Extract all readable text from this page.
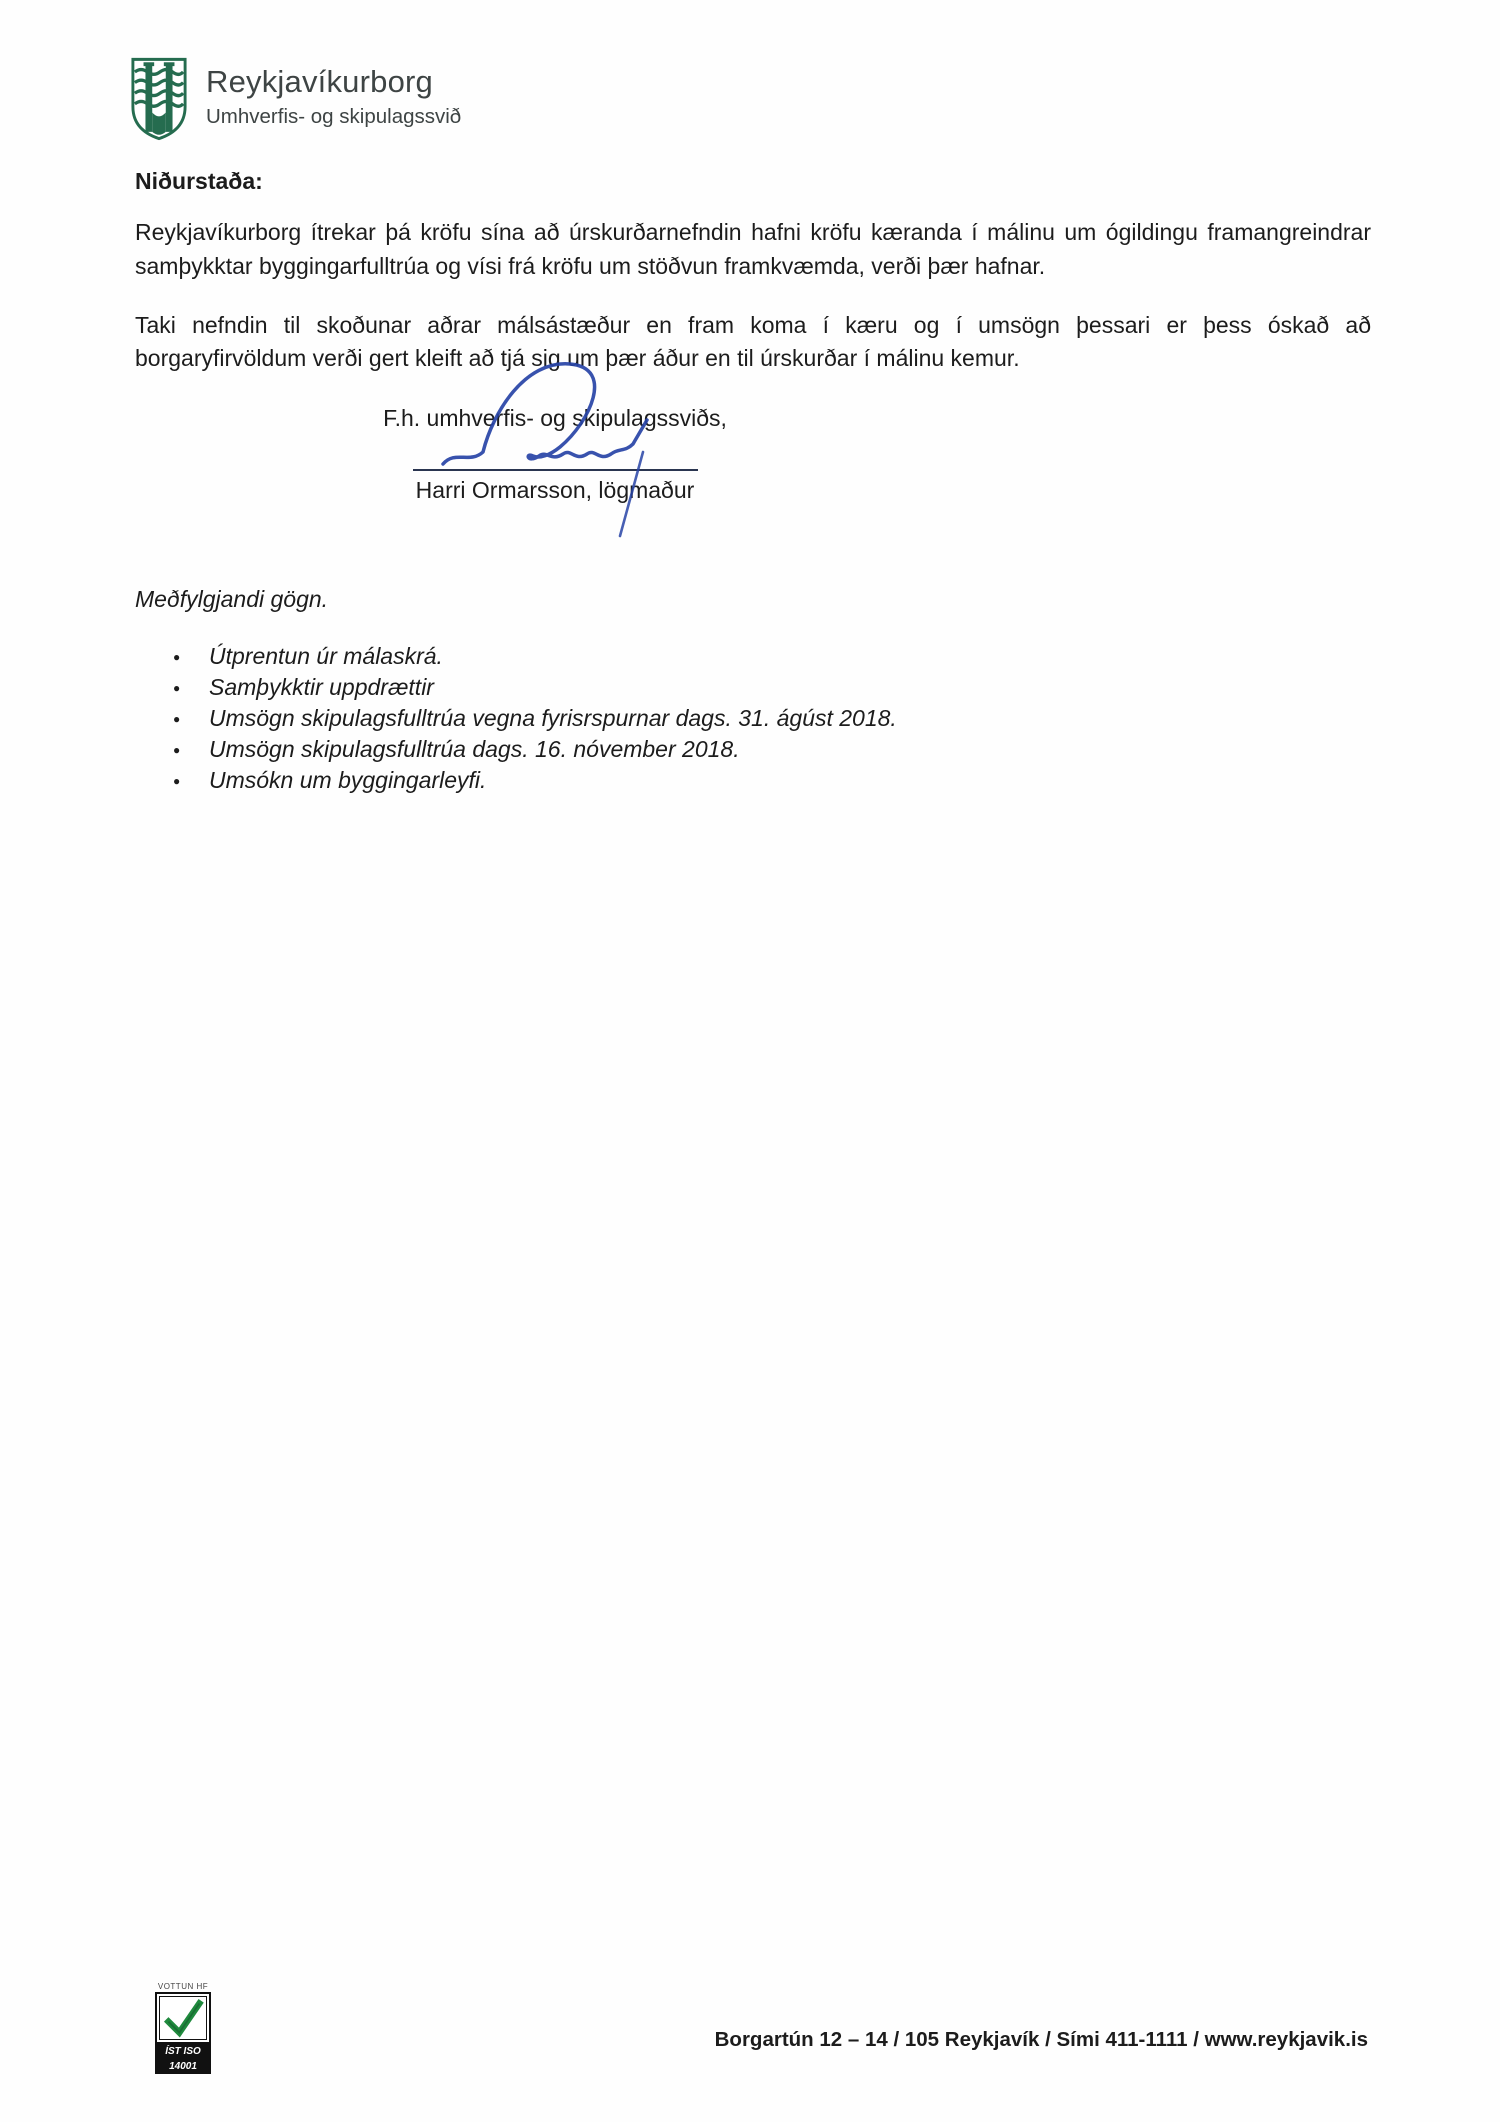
Reykjavíkurborg
Umhverfis- og skipulagssvið
Niðurstaða:

Reykjavíkurborg ítrekar þá kröfu sína að úrskurðarnefndin hafni kröfu kæranda í málinu um ógildingu framangreindrar samþykktar byggingarfulltrúa og vísi frá kröfu um stöðvun framkvæmda, verði þær hafnar.

Taki nefndin til skoðunar aðrar málsástæður en fram koma í kæru og í umsögn þessari er þess óskað að borgaryfirvöldum verði gert kleift að tjá sig um þær áður en til úrskurðar í málinu kemur.

F.h. umhverfis- og skipulagssviðs,
Harri Ormarsson, lögmaður
Meðfylgjandi gögn.
● Útprentun úr málaskrá.
● Samþykktir uppdrættir
● Umsögn skipulagsfulltrúa vegna fyrisrspurnar dags. 31. ágúst 2018.
● Umsögn skipulagsfulltrúa dags. 16. nóvember 2018.
● Umsókn um byggingarleyfi.
VOTTUN HF
ÍST ISO 14001
Borgartún 12 – 14 / 105 Reykjavík / Sími 411-1111 / www.reykjavik.is
